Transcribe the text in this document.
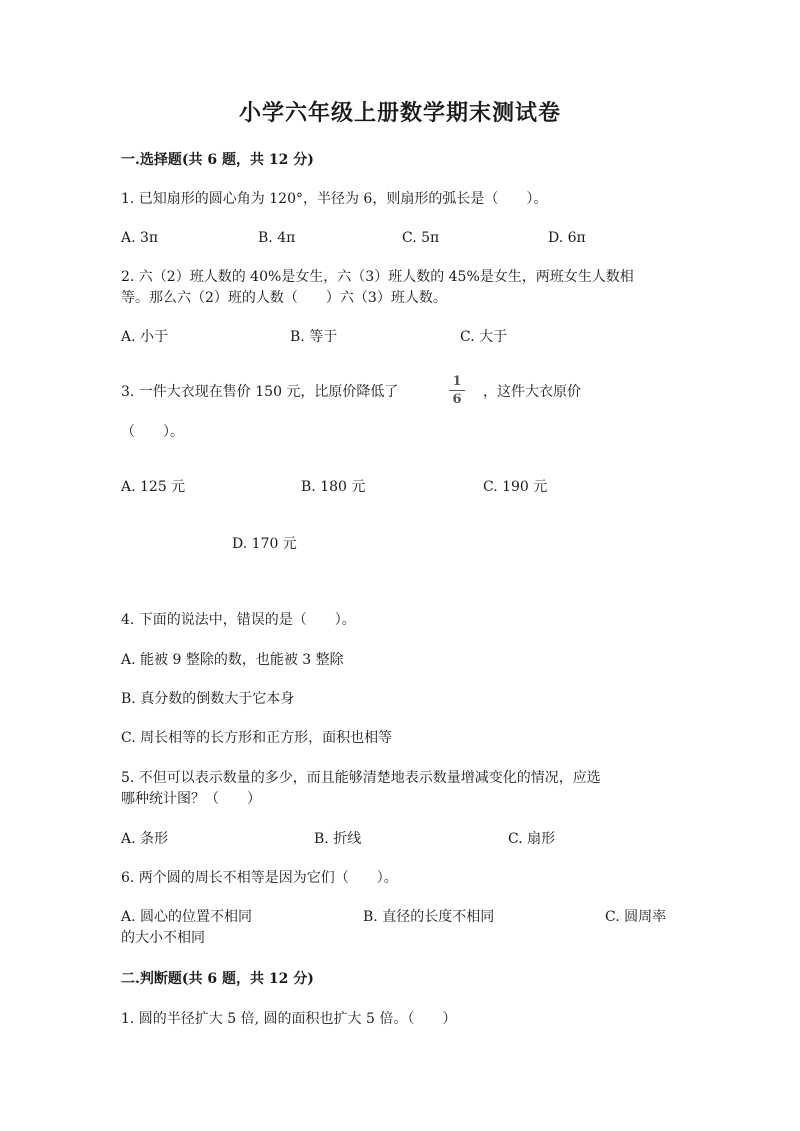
小学六年级上册数学期末测试卷
一.选择题(共 6 题，共 12 分)
1. 已知扇形的圆心角为 120°，半径为 6，则扇形的弧长是（　　）。
A. 3π	B. 4π	C. 5π	D. 6π
2. 六（2）班人数的 40%是女生，六（3）班人数的 45%是女生，两班女生人数相
等。那么六（2）班的人数（　　）六（3）班人数。
A. 小于	B. 等于	C. 大于
3. 一件大衣现在售价 150 元，比原价降低了
1
6 ，这件大衣原价
（　　）。
A. 125 元	B. 180 元	C. 190 元
D. 170 元
4. 下面的说法中，错误的是（　　）。
A. 能被 9 整除的数，也能被 3 整除
B. 真分数的倒数大于它本身
C. 周长相等的长方形和正方形，面积也相等
5. 不但可以表示数量的多少，而且能够清楚地表示数量增减变化的情况，应选
哪种统计图？（　　）
A. 条形	B. 折线	C. 扇形
6. 两个圆的周长不相等是因为它们（　　）。
A. 圆心的位置不相同	B. 直径的长度不相同	C. 圆周率
的大小不相同
二.判断题(共 6 题，共 12 分)
1. 圆的半径扩大 5 倍, 圆的面积也扩大 5 倍。（　　）
